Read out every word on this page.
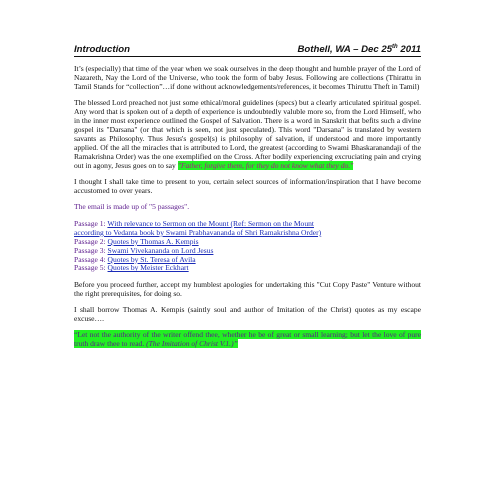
Introduction	Bothell, WA – Dec 25th 2011

It’s (especially) that time of the year when we soak ourselves in the deep thought and humble prayer of the Lord of Nazareth, Nay the Lord of the Universe, who took the form of baby Jesus. Following are collections (Thirattu in Tamil Stands for “collection”…if done without acknowledgements/references, it becomes Thiruttu Theft in Tamil)

The blessed Lord preached not just some ethical/moral guidelines (specs) but a clearly articulated spiritual gospel. Any word that is spoken out of a depth of experience is undoubtedly valuble more so, from the Lord Himself, who in the inner most experience outlined the Gospel of Salvation. There is a word in Sanskrit that befits such a divine gospel its "Darsana" (or that which is seen, not just speculated). This word "Darsana" is translated by western savants as Philosophy. Thus Jesus's gospel(s) is philosophy of salvation, if understood and more importantly applied. Of the all the miracles that is attributed to Lord, the greatest (according to Swami Bhaskaranandaji of the Ramakrishna Order) was the one exemplified on the Cross. After bodily experiencing excruciating pain and crying out in agony, Jesus goes on to say "Father, forgive them, for they do not know what they do."

I thought I shall take time to present to you, certain select sources of information/inspiration that I have become accustomed to over years.

The email is made up of "5 passages".

Passage 1: With relevance to Sermon on the Mount (Ref: Sermon on the Mount
according to Vedanta book by Swami Prabhavananda of Shri Ramakrishna Order)
Passage 2: Quotes by Thomas A. Kempis
Passage 3: Swami Vivekananda on Lord Jesus
Passage 4: Quotes by St. Teresa of Avila
Passage 5: Quotes by Meister Eckhart

Before you proceed further, accept my humblest apologies for undertaking this "Cut Copy Paste" Venture without the right prerequisites, for doing so.

I shall borrow Thomas A. Kempis (saintly soul and author of Imitation of the Christ) quotes as my escape excuse….

“Let not the authority of the writer offend thee, whether he be of great or small learning; but let the love of pure truth draw thee to read. (The Imitation of Christ V.1.)”
